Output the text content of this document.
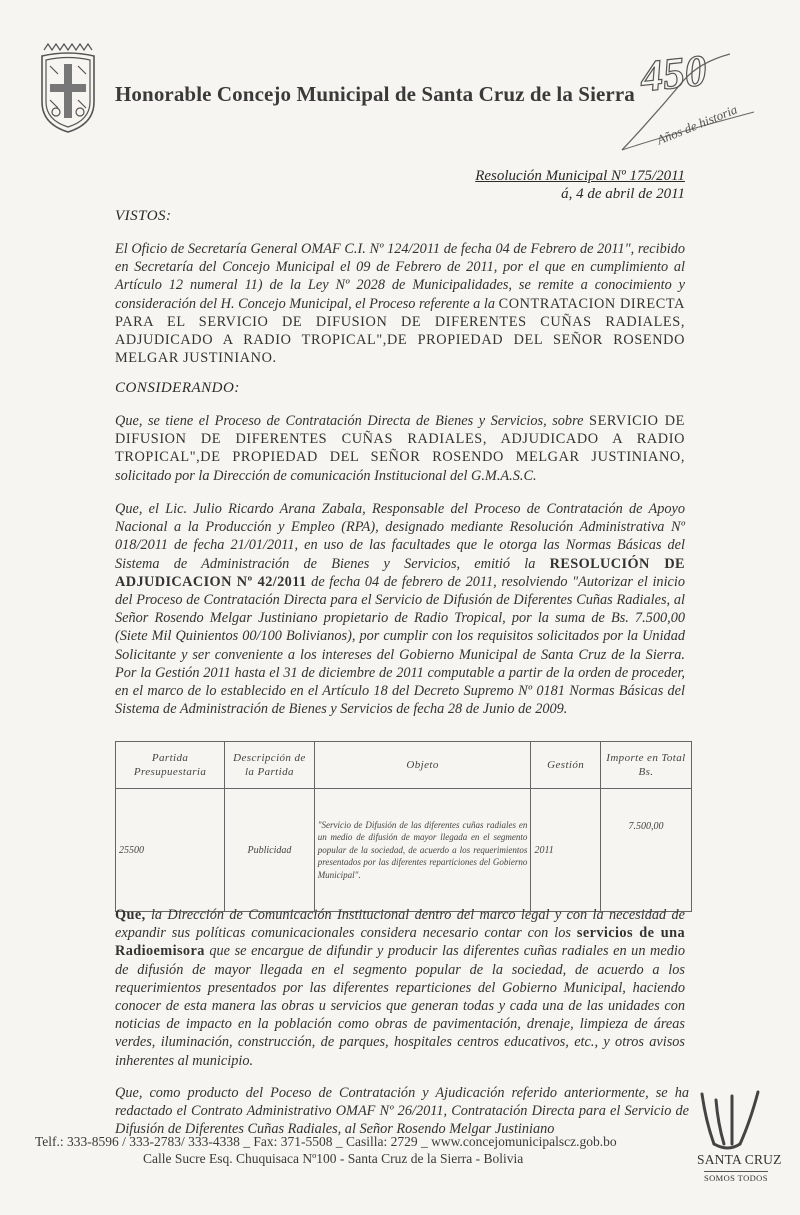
Honorable Concejo Municipal de Santa Cruz de la Sierra 450
Años de historia
Resolución Municipal Nº 175/2011
á, 4 de abril de 2011
VISTOS:
El Oficio de Secretaría General OMAF C.I. Nº 124/2011 de fecha 04 de Febrero de 2011", recibido en Secretaría del Concejo Municipal el 09 de Febrero de 2011, por el que en cumplimiento al Artículo 12 numeral 11) de la Ley Nº 2028 de Municipalidades, se remite a conocimiento y consideración del H. Concejo Municipal, el Proceso referente a la CONTRATACION DIRECTA PARA EL SERVICIO DE DIFUSION DE DIFERENTES CUÑAS RADIALES, ADJUDICADO A RADIO TROPICAL",DE PROPIEDAD DEL SEÑOR ROSENDO MELGAR JUSTINIANO.
CONSIDERANDO:
Que, se tiene el Proceso de Contratación Directa de Bienes y Servicios, sobre SERVICIO DE DIFUSION DE DIFERENTES CUÑAS RADIALES, ADJUDICADO A RADIO TROPICAL",DE PROPIEDAD DEL SEÑOR ROSENDO MELGAR JUSTINIANO, solicitado por la Dirección de comunicación Institucional del G.M.A.S.C.
Que, el Lic. Julio Ricardo Arana Zabala, Responsable del Proceso de Contratación de Apoyo Nacional a la Producción y Empleo (RPA), designado mediante Resolución Administrativa Nº 018/2011 de fecha 21/01/2011, en uso de las facultades que le otorga las Normas Básicas del Sistema de Administración de Bienes y Servicios, emitió la RESOLUCIÓN DE ADJUDICACION Nº 42/2011 de fecha 04 de febrero de 2011, resolviendo "Autorizar el inicio del Proceso de Contratación Directa para el Servicio de Difusión de Diferentes Cuñas Radiales, al Señor Rosendo Melgar Justiniano propietario de Radio Tropical, por la suma de Bs. 7.500,00 (Siete Mil Quinientos 00/100 Bolivianos), por cumplir con los requisitos solicitados por la Unidad Solicitante y ser conveniente a los intereses del Gobierno Municipal de Santa Cruz de la Sierra. Por la Gestión 2011 hasta el 31 de diciembre de 2011 computable a partir de la orden de proceder, en el marco de lo establecido en el Artículo 18 del Decreto Supremo Nº 0181 Normas Básicas del Sistema de Administración de Bienes y Servicios de fecha 28 de Junio de 2009.
Partida Presupuestaria	Descripción de la Partida	Objeto	Gestión	Importe en Total Bs.
25500	Publicidad	"Servicio de Difusión de las diferentes cuñas radiales en un medio de difusión de mayor llegada en el segmento popular de la sociedad, de acuerdo a los requerimientos presentados por las diferentes reparticiones del Gobierno Municipal".	2011	7.500,00
Que, la Dirección de Comunicación Institucional dentro del marco legal y con la necesidad de expandir sus políticas comunicacionales considera necesario contar con los servicios de una Radioemisora que se encargue de difundir y producir las diferentes cuñas radiales en un medio de difusión de mayor llegada en el segmento popular de la sociedad, de acuerdo a los requerimientos presentados por las diferentes reparticiones del Gobierno Municipal, haciendo conocer de esta manera las obras u servicios que generan todas y cada una de las unidades con noticias de impacto en la población como obras de pavimentación, drenaje, limpieza de áreas verdes, iluminación, construcción, de parques, hospitales centros educativos, etc., y otros avisos inherentes al municipio.
Que, como producto del Poceso de Contratación y Ajudicación referido anteriormente, se ha redactado el Contrato Administrativo OMAF Nº 26/2011, Contratación Directa para el Servicio de Difusión de Diferentes Cuñas Radiales, al Señor Rosendo Melgar Justiniano
Telf.: 333-8596 / 333-2783/ 333-4338 _ Fax: 371-5508 _ Casilla: 2729 _ www.concejomunicipalscz.gob.bo
Calle Sucre Esq. Chuquisaca Nº100 - Santa Cruz de la Sierra - Bolivia	SANTA CRUZ
SOMOS TODOS
